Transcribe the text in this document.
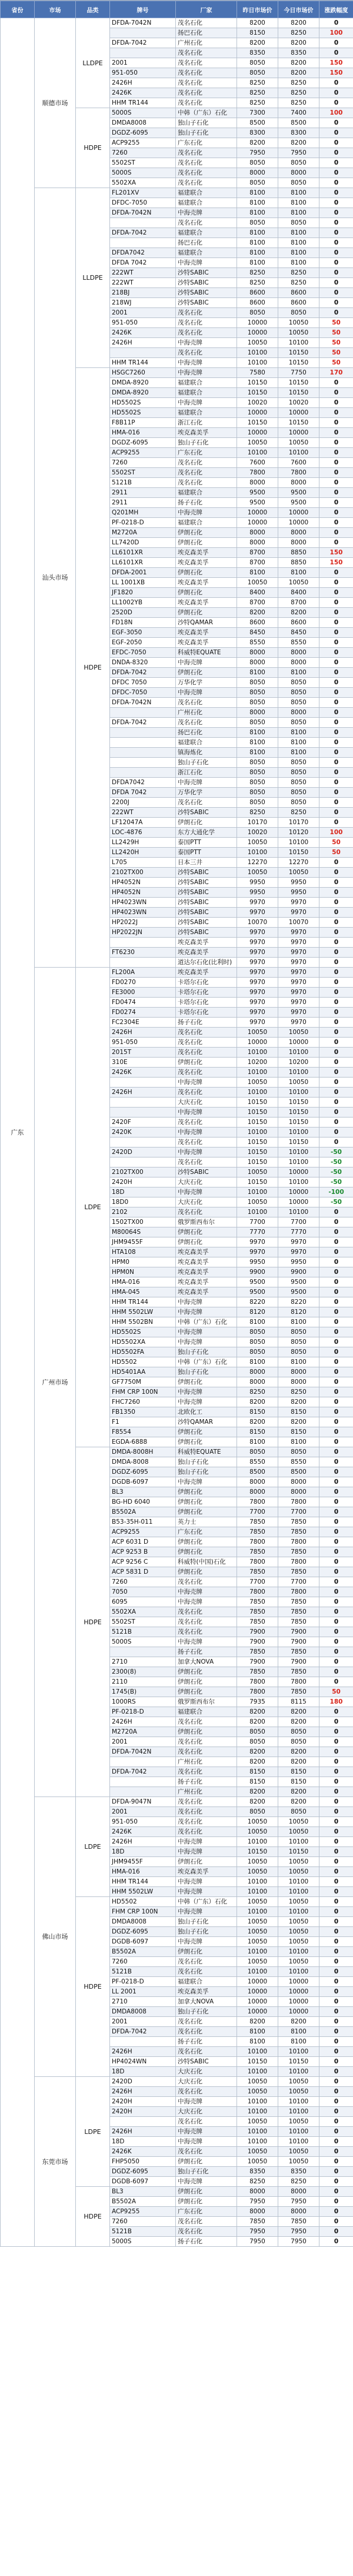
省份	市场	品类	牌号	厂家	昨日市场价	今日市场价	涨跌幅度
广东	顺德市场	LLDPE	DFDA-7042N	茂名石化	8200	8200	0
				扬巴石化	8150	8250	100
			DFDA-7042	广州石化	8200	8200	0
				茂名石化	8350	8350	0
			2001	茂名石化	8050	8200	150
			951-050	茂名石化	8050	8200	150
			2426H	茂名石化	8250	8250	0
			2426K	茂名石化	8250	8250	0
			HHM TR144	茂名石化	8250	8250	0
		HDPE	5000S	中韩（广东）石化	7300	7400	100
			DMDA8008	独山子石化	8500	8500	0
			DGDZ-6095	独山子石化	8300	8300	0
			ACP9255	广东石化	8200	8200	0
			7260	茂名石化	7950	7950	0
			5502ST	茂名石化	8050	8050	0
			5000S	茂名石化	8000	8000	0
			5502XA	茂名石化	8050	8050	0
	汕头市场	LLDPE	FL201XV	福建联合	8100	8100	0
			DFDC-7050	福建联合	8100	8100	0
			DFDA-7042N	中海壳牌	8100	8100	0
				茂名石化	8050	8050	0
			DFDA-7042	福建联合	8100	8100	0
				扬巴石化	8100	8100	0
			DFDA7042	福建联合	8100	8100	0
			DFDA 7042	中海壳牌	8100	8100	0
			222WT	沙特SABIC	8250	8250	0
			222WT	沙特SABIC	8250	8250	0
			218BJ	沙特SABIC	8600	8600	0
			218WJ	沙特SABIC	8600	8600	0
			2001	茂名石化	8050	8050	0
			951-050	茂名石化	10000	10050	50
			2426K	茂名石化	10000	10050	50
			2426H	中海壳牌	10050	10100	50
				茂名石化	10100	10150	50
			HHM TR144	中海壳牌	10100	10150	50
		HDPE	HSGC7260	中海壳牌	7580	7750	170
			DMDA-8920	福建联合	10150	10150	0
			DMDA-8920	福建联合	10150	10150	0
			HD5502S	中海壳牌	10020	10020	0
			HD5502S	福建联合	10000	10000	0
			F8B11P	浙江石化	10150	10150	0
			HMA-016	埃克森美孚	10000	10000	0
			DGDZ-6095	独山子石化	10050	10050	0
			ACP9255	广东石化	10100	10100	0
			7260	茂名石化	7600	7600	0
			5502ST	茂名石化	7800	7800	0
			5121B	茂名石化	8000	8000	0
			2911	福建联合	9500	9500	0
			2911	扬子石化	9500	9500	0
			Q201MH	中海壳牌	10000	10000	0
			PF-0218-D	福建联合	10000	10000	0
			M2720A	伊朗石化	8000	8000	0
			LL7420D	伊朗石化	8000	8000	0
			LL6101XR	埃克森美孚	8700	8850	150
			LL6101XR	埃克森美孚	8700	8850	150
			DFDA-2001	伊朗石化	8100	8100	0
			LL 1001XB	埃克森美孚	10050	10050	0
			JF1820	伊朗石化	8400	8400	0
			LL1002YB	埃克森美孚	8700	8700	0
			2520D	伊朗石化	8200	8200	0
			FD18N	沙特QAMAR	8600	8600	0
			EGF-3050	埃克森美孚	8450	8450	0
			EGF-2050	埃克森美孚	8550	8550	0
			EFDC-7050	科威特EQUATE	8000	8000	0
			DNDA-8320	中海壳牌	8000	8000	0
			DFDA-7042	伊朗石化	8100	8100	0
			DFDC 7050	万华化学	8050	8050	0
			DFDC-7050	中海壳牌	8050	8050	0
			DFDA-7042N	茂名石化	8050	8050	0
				广州石化	8000	8000	0
			DFDA-7042	茂名石化	8050	8050	0
				扬巴石化	8100	8100	0
				福建联合	8100	8100	0
				镇海炼化	8100	8100	0
				独山子石化	8050	8050	0
				浙江石化	8050	8050	0
			DFDA7042	中海壳牌	8050	8050	0
			DFDA 7042	万华化学	8050	8050	0
			2200J	茂名石化	8050	8050	0
			222WT	沙特SABIC	8250	8250	0
			LF12047A	伊朗石化	10170	10170	0
			LOC-4876	东方大通化学	10020	10120	100
			LL2429H	泰国PTT	10050	10100	50
			LL2420H	泰国PTT	10100	10150	50
			L705	日本三井	12270	12270	0
			2102TX00	沙特SABIC	10050	10050	0
			HP4052N	沙特SABIC	9950	9950	0
			HP4052N	沙特SABIC	9950	9950	0
			HP4023WN	沙特SABIC	9970	9970	0
			HP4023WN	沙特SABIC	9970	9970	0
			HP2022J	沙特SABIC	10070	10070	0
			HP2022JN	沙特SABIC	9970	9970	0
				埃克森美孚	9970	9970	0
			FT6230	埃克森美孚	9970	9970	0
				道达尔石化(比利时)	9970	9970	0
	广州市场	LDPE	FL200A	埃克森美孚	9970	9970	0
			FD0270	卡塔尔石化	9970	9970	0
			FE3000	卡塔尔石化	9970	9970	0
			FD0474	卡塔尔石化	9970	9970	0
			FD0274	卡塔尔石化	9970	9970	0
			FC2304E	扬子石化	9970	9970	0
			2426H	茂名石化	10050	10050	0
			951-050	茂名石化	10000	10000	0
			2015T	茂名石化	10100	10100	0
			310E	伊朗石化	10200	10200	0
			2426K	茂名石化	10100	10100	0
				中海壳牌	10050	10050	0
			2426H	茂名石化	10100	10100	0
				大庆石化	10150	10150	0
				中海壳牌	10150	10150	0
			2420F	茂名石化	10150	10150	0
			2420K	中海壳牌	10100	10100	0
				茂名石化	10150	10150	0
			2420D	中海壳牌	10150	10100	-50
				茂名石化	10150	10100	-50
			2102TX00	沙特SABIC	10050	10000	-50
			2420H	大庆石化	10150	10100	-50
			18D	中海壳牌	10100	10000	-100
			18D0	大庆石化	10050	10000	-50
			2102	茂名石化	10100	10100	0
			1502TX00	俄罗斯西布尔	7700	7700	0
			M80064S	伊朗石化	7770	7770	0
			JHM9455F	伊朗石化	9970	9970	0
			HTA108	埃克森美孚	9970	9970	0
			HPM0	埃克森美孚	9950	9950	0
			HPM0N	埃克森美孚	9900	9900	0
			HMA-016	埃克森美孚	9500	9500	0
			HMA-045	埃克森美孚	9500	9500	0
			HHM TR144	中海壳牌	8220	8220	0
			HHM 5502LW	中海壳牌	8120	8120	0
			HHM 5502BN	中韩（广东）石化	8100	8100	0
			HD5502S	中海壳牌	8050	8050	0
			HD5502XA	中海壳牌	8050	8050	0
			HD5502FA	独山子石化	8050	8050	0
			HD5502	中韩（广东）石化	8100	8100	0
			HD5401AA	独山子石化	8000	8000	0
			GF7750M	伊朗石化	8000	8000	0
			FHM CRP 100N	中海壳牌	8250	8250	0
			FHC7260	中海壳牌	8200	8200	0
			FB1350	北欧化工	8150	8150	0
			F1	沙特QAMAR	8200	8200	0
			F8554	伊朗石化	8150	8150	0
			EGDA-6888	伊朗石化	8100	8100	0
		HDPE	DMDA-8008H	科威特EQUATE	8050	8050	0
			DMDA-8008	独山子石化	8550	8550	0
			DGDZ-6095	独山子石化	8500	8500	0
			DGDB-6097	中海壳牌	8000	8000	0
			BL3	伊朗石化	8000	8000	0
			BG-HD 6040	伊朗石化	7800	7800	0
			B5502A	伊朗石化	7700	7700	0
			B53-35H-011	英力士	7850	7850	0
			ACP9255	广东石化	7850	7850	0
			ACP 6031 D	伊朗石化	7800	7800	0
			ACP 9253 B	伊朗石化	7850	7850	0
			ACP 9256 C	科威特(中国)石化	7800	7800	0
			ACP 5831 D	伊朗石化	7850	7850	0
			7260	茂名石化	7700	7700	0
			7050	中海壳牌	7800	7800	0
			6095	中海壳牌	7850	7850	0
			5502XA	茂名石化	7850	7850	0
			5502ST	茂名石化	7850	7850	0
			5121B	茂名石化	7900	7900	0
			5000S	中海壳牌	7900	7900	0
				扬子石化	7850	7850	0
			2710	加拿大NOVA	7900	7900	0
			2300(8)	伊朗石化	7850	7850	0
			2110	伊朗石化	7800	7800	0
			1745(B)	伊朗石化	7800	7850	50
			1000RS	俄罗斯西布尔	7935	8115	180
			PF-0218-D	福建联合	8200	8200	0
			2426H	茂名石化	8200	8200	0
			M2720A	伊朗石化	8050	8050	0
			2001	茂名石化	8050	8050	0
			DFDA-7042N	茂名石化	8200	8200	0
				广州石化	8200	8200	0
			DFDA-7042	茂名石化	8150	8150	0
				扬子石化	8150	8150	0
				广州石化	8200	8200	0
	佛山市场	LDPE	DFDA-9047N	茂名石化	8200	8200	0
			2001	茂名石化	8050	8050	0
			951-050	茂名石化	10050	10050	0
			2426K	茂名石化	10050	10050	0
			2426H	中海壳牌	10100	10100	0
			18D	中海壳牌	10150	10150	0
			JHM9455F	伊朗石化	10050	10050	0
			HMA-016	埃克森美孚	10050	10050	0
			HHM TR144	中海壳牌	10100	10100	0
			HHM 5502LW	中海壳牌	10100	10100	0
		HDPE	HD5502	中韩（广东）石化	10050	10050	0
			FHM CRP 100N	中海壳牌	10100	10100	0
			DMDA8008	独山子石化	10050	10050	0
			DGDZ-6095	独山子石化	10050	10050	0
			DGDB-6097	中海壳牌	10050	10050	0
			B5502A	伊朗石化	10100	10100	0
			7260	茂名石化	10050	10050	0
			5121B	茂名石化	10100	10100	0
			PF-0218-D	福建联合	10000	10000	0
			LL 2001	埃克森美孚	10000	10000	0
			2710	加拿大NOVA	10000	10000	0
			DMDA8008	独山子石化	10000	10000	0
			2001	茂名石化	8200	8200	0
			DFDA-7042	茂名石化	8100	8100	0
				扬子石化	8100	8100	0
			2426H	茂名石化	10100	10100	0
			HP4024WN	沙特SABIC	10150	10150	0
			18D	大庆石化	10100	10100	0
	东莞市场	LDPE	2420D	大庆石化	10050	10050	0
			2426H	茂名石化	10050	10050	0
			2420H	中海壳牌	10100	10100	0
			2420H	大庆石化	10100	10100	0
				茂名石化	10050	10050	0
			2426H	中海壳牌	10100	10100	0
			18D	中海壳牌	10100	10100	0
			2426K	茂名石化	10050	10050	0
			FHP5050	伊朗石化	10050	10050	0
			DGDZ-6095	独山子石化	8350	8350	0
			DGDB-6097	中海壳牌	8250	8250	0
		HDPE	BL3	伊朗石化	8000	8000	0
			B5502A	伊朗石化	7950	7950	0
			ACP9255	广东石化	8000	8000	0
			7260	茂名石化	7850	7850	0
			5121B	茂名石化	7950	7950	0
			5000S	扬子石化	7950	7950	0
